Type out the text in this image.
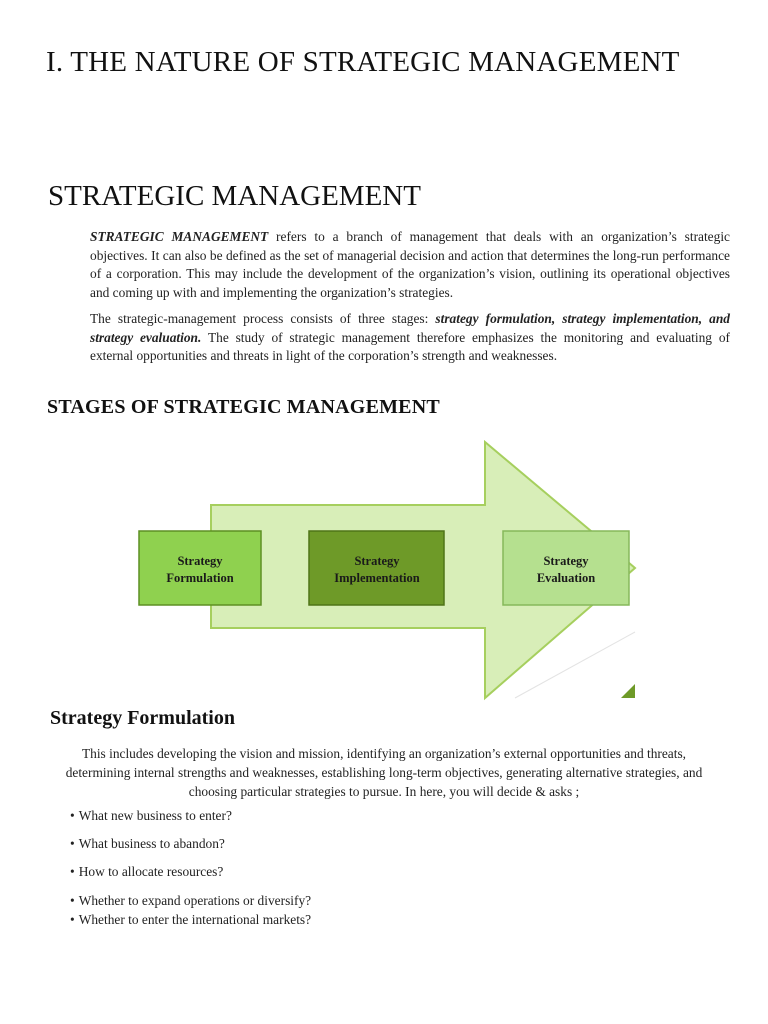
I. THE NATURE OF STRATEGIC MANAGEMENT
STRATEGIC MANAGEMENT

STRATEGIC MANAGEMENT refers to a branch of management that deals with an organization’s strategic objectives. It can also be defined as the set of managerial decision and action that determines the long-run performance of a corporation. This may include the development of the organization’s vision, outlining its operational objectives and coming up with and implementing the organization’s strategies.

The strategic-management process consists of three stages: strategy formulation, strategy implementation, and strategy evaluation. The study of strategic management therefore emphasizes the monitoring and evaluating of external opportunities and threats in light of the corporation’s strength and weaknesses.

STAGES OF STRATEGIC MANAGEMENT
Strategy
Formulation
Strategy
Implementation
Strategy
Evaluation
Strategy Formulation

This includes developing the vision and mission, identifying an organization’s external opportunities and threats, determining internal strengths and weaknesses, establishing long-term objectives, generating alternative strategies, and choosing particular strategies to pursue. In here, you will decide & asks ;

• What new business to enter?
• What business to abandon?
• How to allocate resources?
• Whether to expand operations or diversify?
• Whether to enter the international markets?
